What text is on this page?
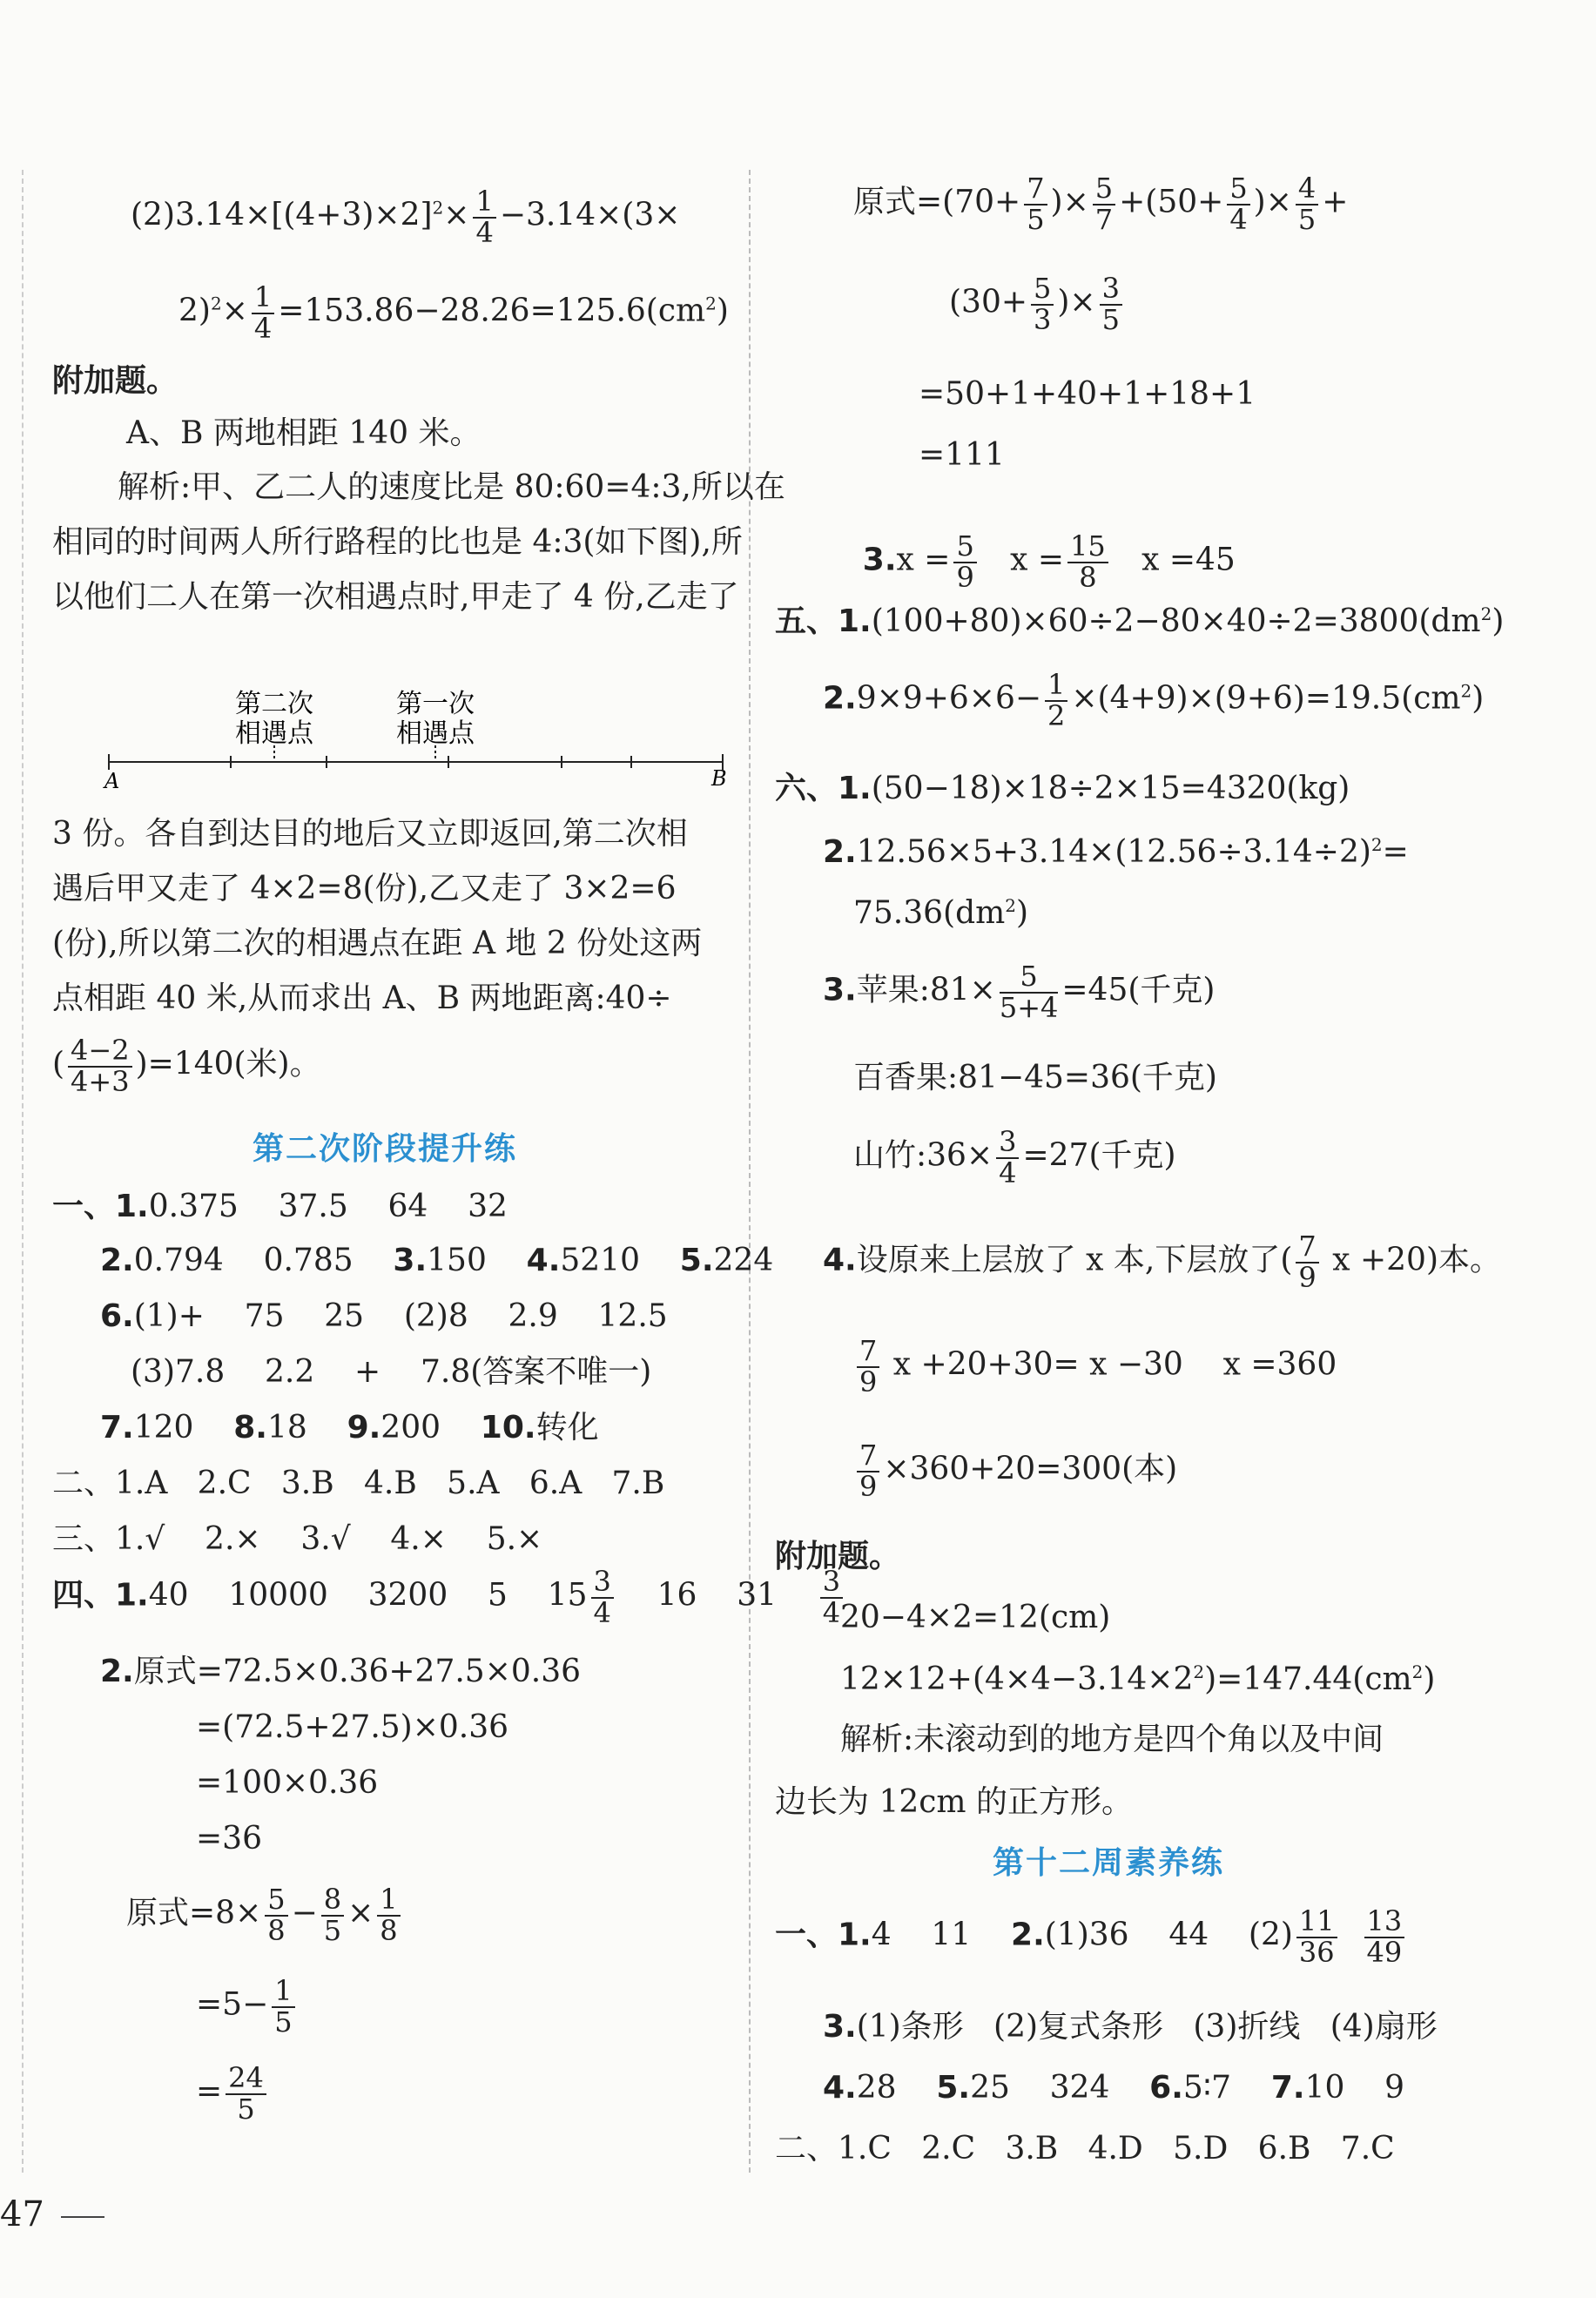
$(2)3.14\times[(4+3)\times 2]^2\times \frac{1}{4} -3.14\times(3\times$
$2)^2\times \frac{1}{4} =153.86-28.26=125.6(cm^2)$
附加题。
A、B 两地相距 140 米。
解析:甲、乙二人的速度比是 80:60=4:3,所以在
相同的时间两人所行路程的比也是 4:3(如下图),所
以他们二人在第一次相遇点时,甲走了 4 份,乙走了
第二次
相遇点
第一次
相遇点
A	B
3 份。各自到达目的地后又立即返回,第二次相
遇后甲又走了 4×2=8(份),乙又走了 3×2=6
(份),所以第二次的相遇点在距 A 地 2 份处这两
点相距 40 米,从而求出 A、B 两地距离:40÷
( $\frac{4-2}{4+3} )=140$(米)。
第二次阶段提升练
一、1.0.375    37.5    64    32
2.0.794    0.785    3.150    4.5210    5.224
6.(1)+    75    25    (2)8    2.9    12.5
(3)7.8    2.2    +    7.8(答案不唯一)
7.120    8.18    9.200    10.转化
二、1.A   2.C   3.B   4.B   5.A   6.A   7.B
三、1.√    2.×    3.√    4.×    5.×
四、1.40    10000    3200    5    $15 \frac{3}{4} 16$    $31 \frac{3}{4}$
2.原式=72.5×0.36+27.5×0.36
=(72.5+27.5)×0.36
=100×0.36
=36
原式$=8\times \frac{5}{8} - \frac{8}{5} \times \frac{1}{8}$
$=5- \frac{1}{5}$
= $\frac{24}{5}$
原式$=(70+ \frac{7}{5}$ )× $\frac{5}{7} +(50+ \frac{5}{4}$ )× $\frac{4}{5}$ +
($30+ \frac{5}{3}$ )× $\frac{3}{5}$
=50+1+40+1+18+1
=111

$3.x = \frac{5}{9}$ $x = \frac{15}{8}$ x =45

五、$1.(100+80)\times 60\div 2-80\times 40\div 2=3800(dm^2)$
$2.9\times 9+6\times 6- \frac{1}{2} \times(4+9)\times(9+6)=19.5(cm^2)$
六、1.(50−18)×18÷2×15=4320(kg)
$2.12.56\times 5+3.14\times(12.56\div 3.14\div 2)^2=$
$75.36(dm^2)$
3.苹果:81× $\frac{5}{5+4} =45$(千克)
百香果:81−45=36(千克)
山竹:36× $\frac{3}{4} =27$(千克)
4.设原来上层放了 x 本,下层放了( $\frac{7}{9}$ x +20)本。
$\frac{7}{9}$ x +20+30= x −30    x =360
$\frac{7}{9} \times 360+20=300$(本)
附加题。
20−4×2=12(cm)
$12\times 12+(4\times 4-3.14\times 2^2)=147.44(cm^2)$
解析:未滚动到的地方是四个角以及中间
边长为 12cm 的正方形。
第十二周素养练
一、1.4    11    2.(1)36    44    $(2) \frac{11}{36}$
$\frac{13}{49}$
3.(1)条形   (2)复式条形   (3)折线   (4)扇形
4.28    5.25    324    6.5∶7    7.10    9
二、1.C   2.C   3.B   4.D   5.D   6.B   7.C
47
